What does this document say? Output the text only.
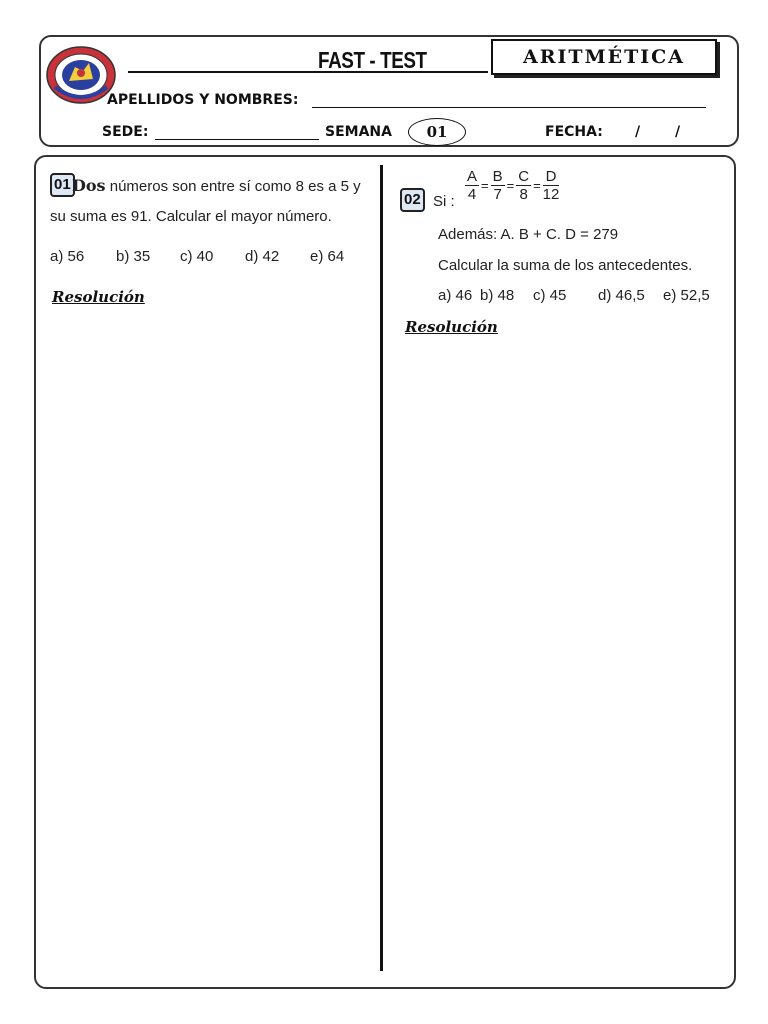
FAST - TEST	ARITMÉTICA
APELLIDOS Y NOMBRES:
SEDE:	SEMANA	01	FECHA: / /
01 Dos números son entre sí como 8 es a 5 y
su suma es 91. Calcular el mayor número.
a) 56 b) 35 c) 40 d) 42 e) 64
Resolución
02 Si : $\frac{A}{4} = \frac{B}{7} = \frac{C}{8} = \frac{D}{12}$
Además: A. B + C. D = 279
Calcular la suma de los antecedentes.
a) 46 b) 48 c) 45 d) 46,5 e) 52,5
Resolución
